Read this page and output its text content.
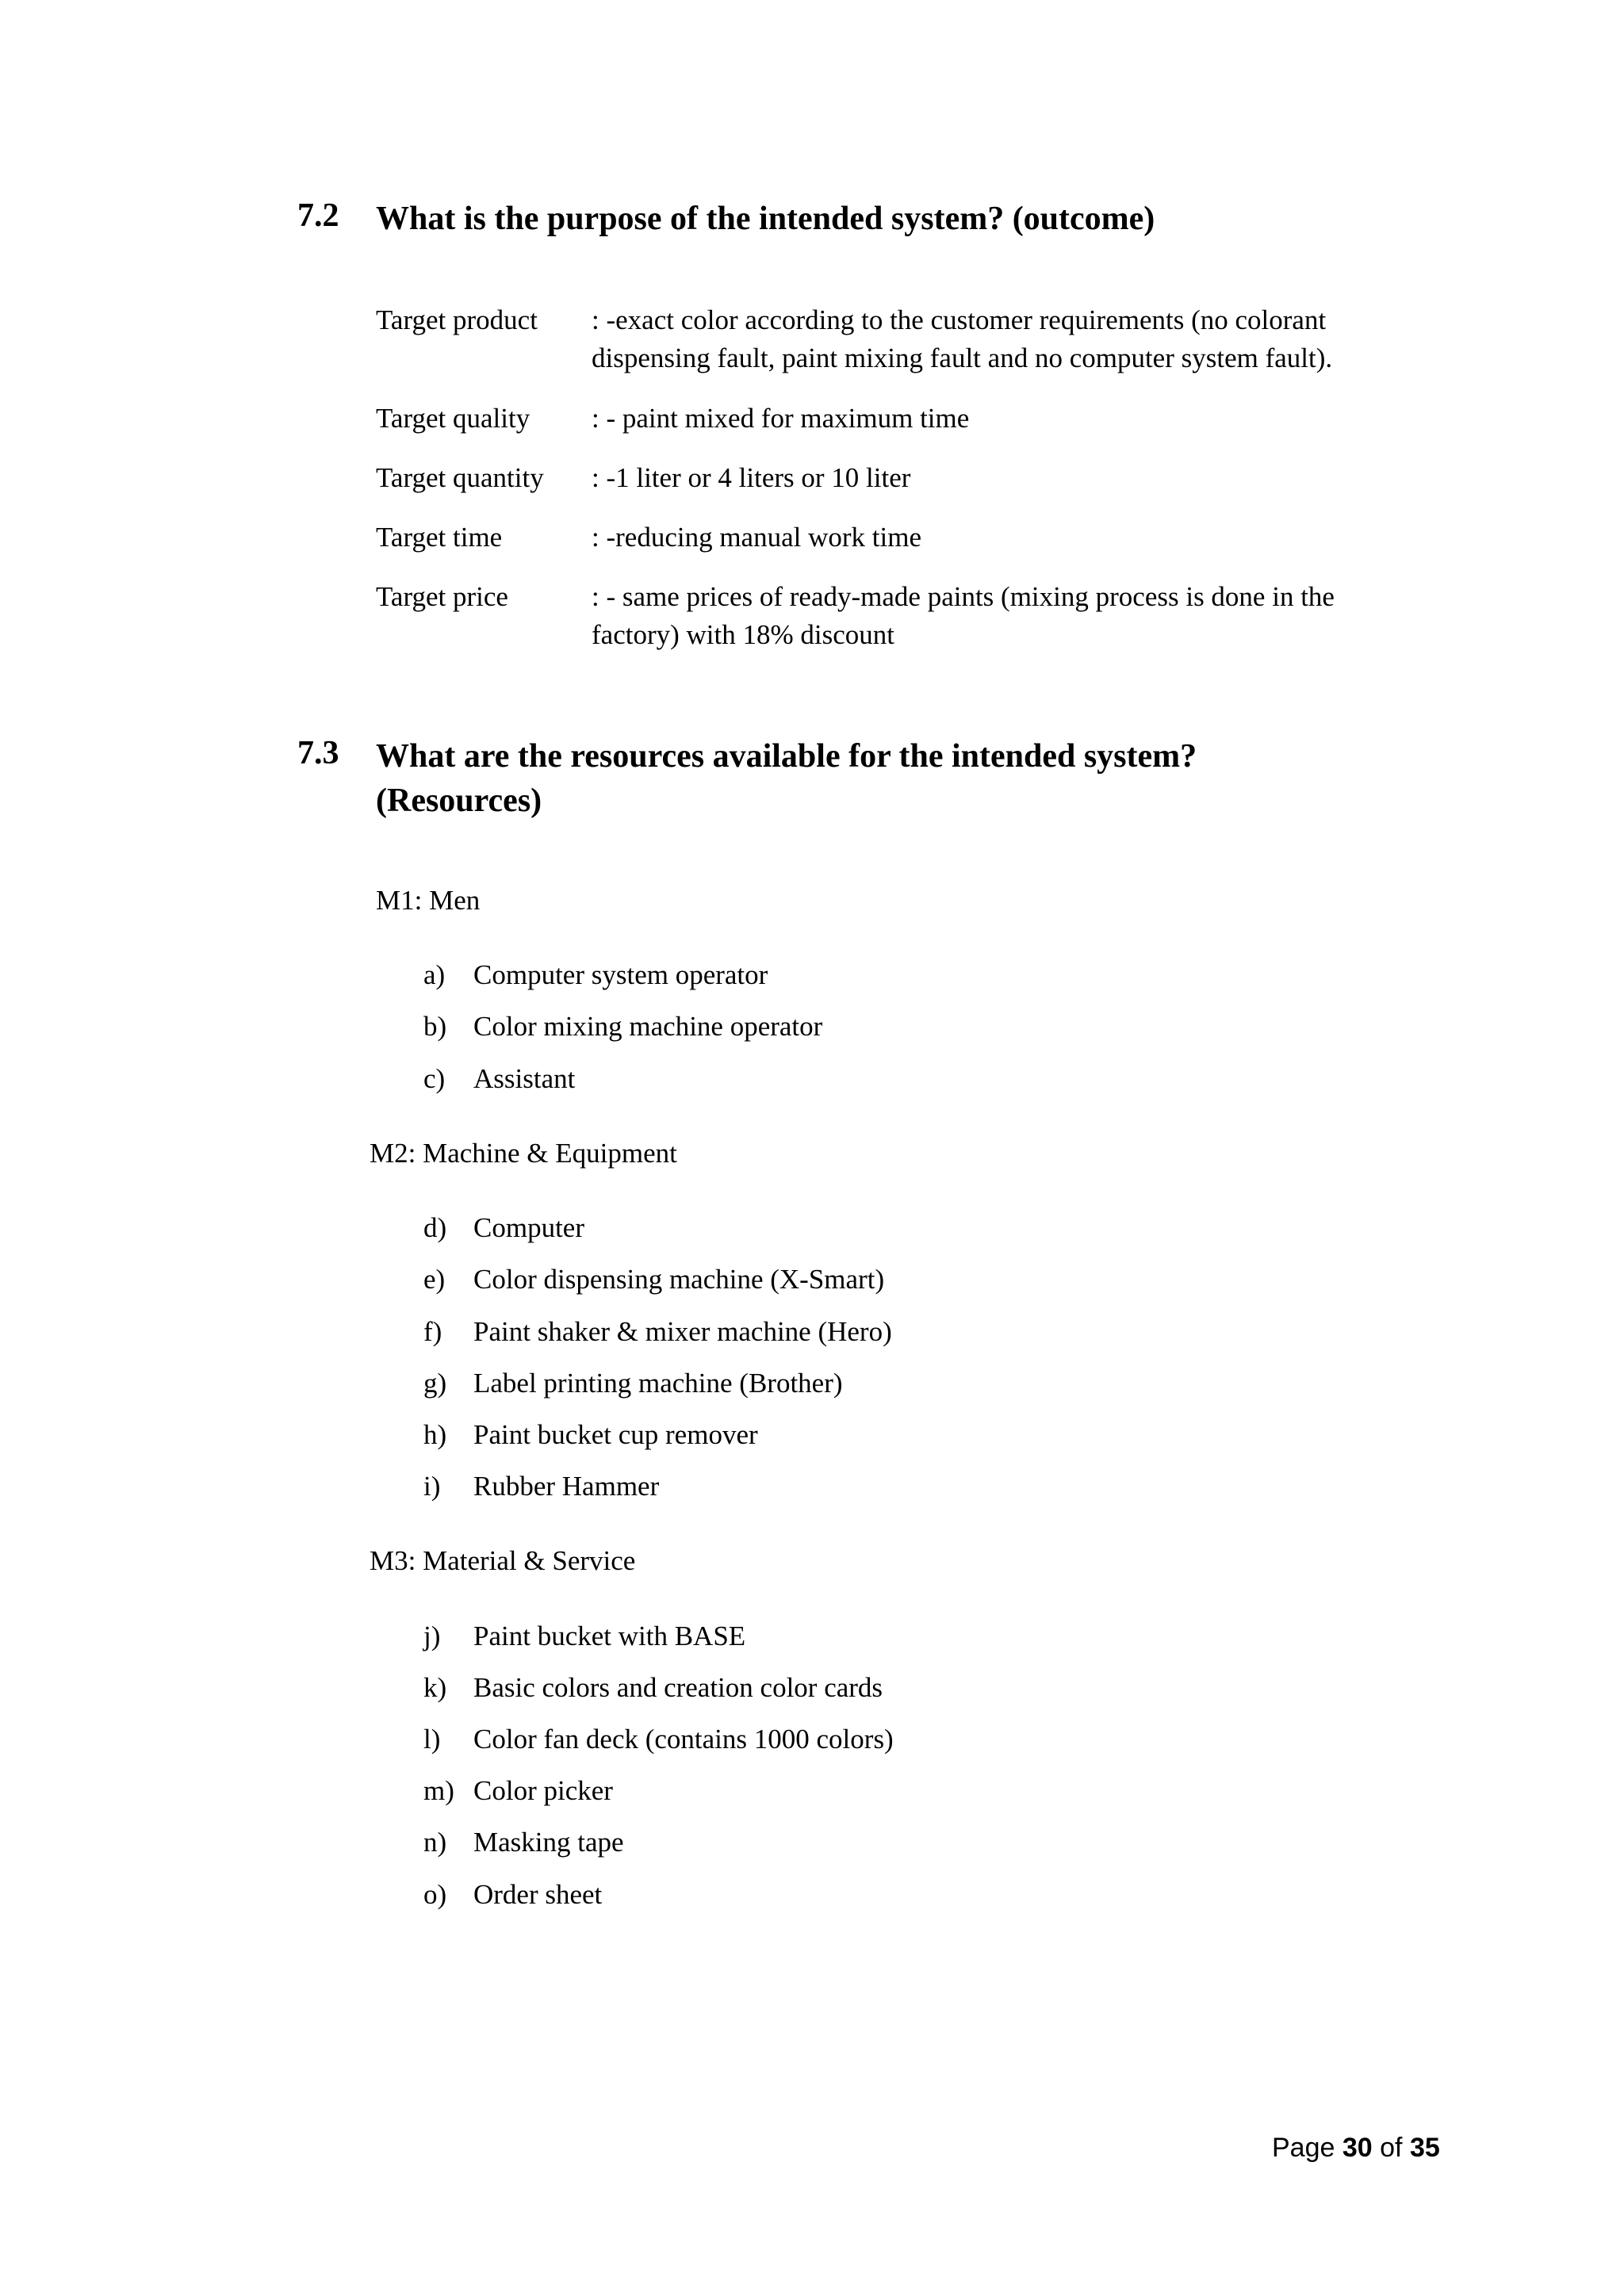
7.2 What is the purpose of the intended system? (outcome)
Target product : -exact color according to the customer requirements (no colorant
dispensing fault, paint mixing fault and no computer system fault).
Target quality : - paint mixed for maximum time
Target quantity : -1 liter or 4 liters or 10 liter
Target time	: -reducing manual work time
Target price	: - same prices of ready-made paints (mixing process is done in the
factory) with 18% discount
7.3 What are the resources available for the intended system?
(Resources)
M1: Men
a) Computer system operator
b) Color mixing machine operator
c) Assistant
M2: Machine & Equipment
d) Computer
e) Color dispensing machine (X-Smart)
f) Paint shaker & mixer machine (Hero)
g) Label printing machine (Brother)
h) Paint bucket cup remover
i) Rubber Hammer
M3: Material & Service
j) Paint bucket with BASE
k) Basic colors and creation color cards
l) Color fan deck (contains 1000 colors)
m) Color picker
n) Masking tape
o) Order sheet
Page 30 of 35
